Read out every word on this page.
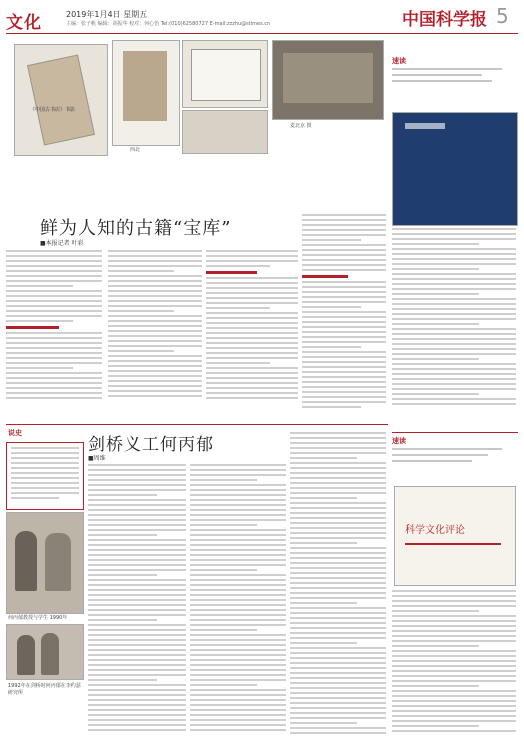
文化	2019年1月4日 星期五
主编：张子帆 编辑：胡振华 校对：何心怡 Tel:(010)62580727 E-mail:zzzhu@stimes.cn	中国科学报 5
《中国古书店》书影
西北
麦北京 摄
速读
鲜为人知的古籍“宝库”
■本报记者 叶彩
说史
剑桥义工何丙郁
■周维
何丙郁教授与学生 1990年
1992年在剑桥时何丙郁在李约瑟研究所
速读
科学文化评论
